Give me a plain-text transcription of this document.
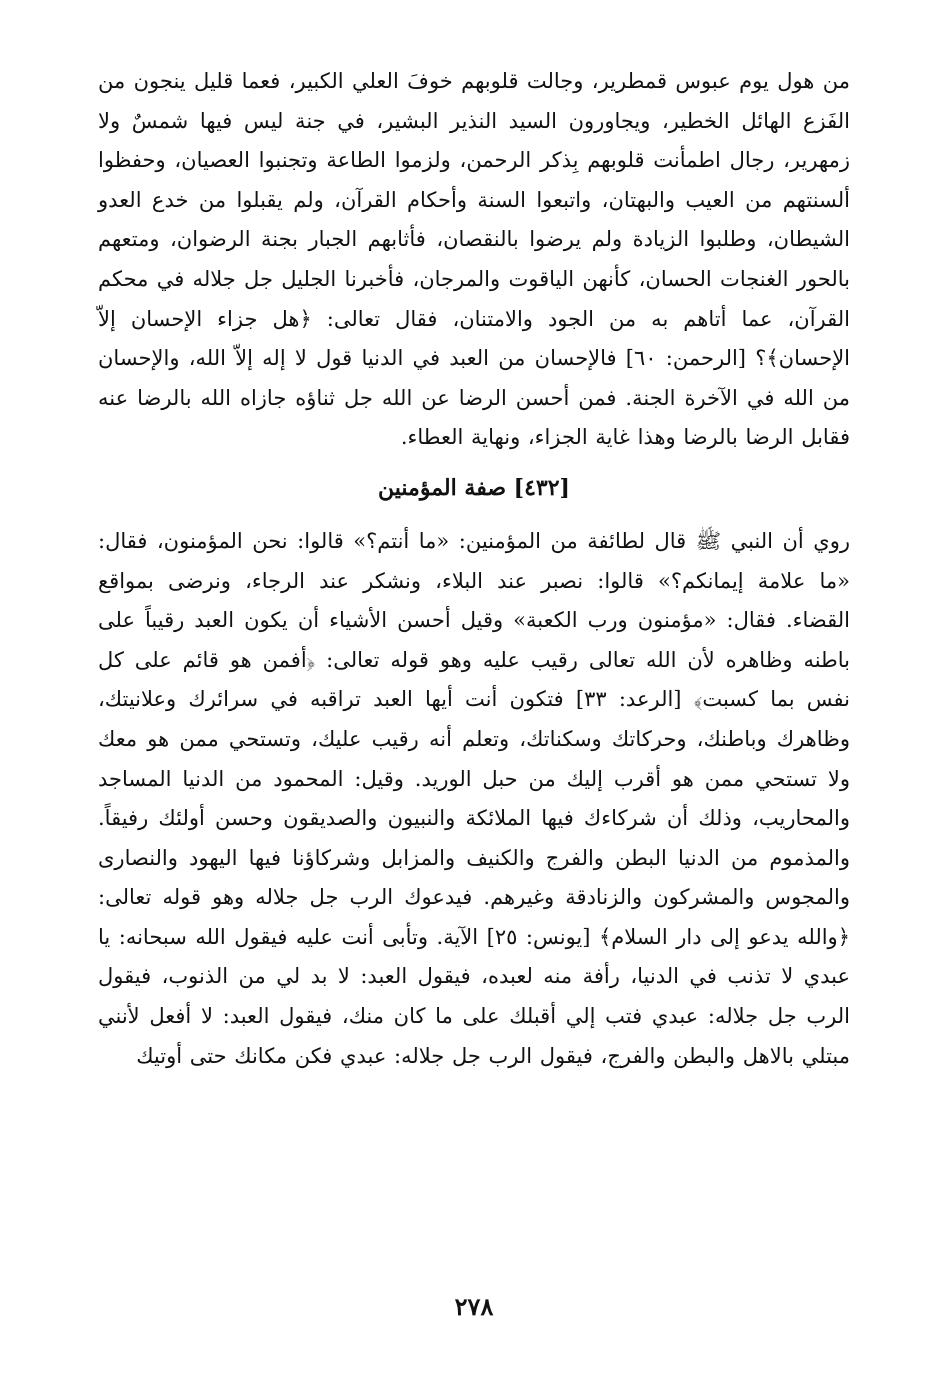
من هول يوم عبوس قمطرير، وجالت قلوبهم خوفَ العلي الكبير، فعما قليل ينجون من الفَزع الهائل الخطير، ويجاورون السيد النذير البشير، في جنة ليس فيها شمسٌ ولا زمهرير، رجال اطمأنت قلوبهم بِذكر الرحمن، ولزموا الطاعة وتجنبوا العصيان، وحفظوا ألسنتهم من العيب والبهتان، واتبعوا السنة وأحكام القرآن، ولم يقبلوا من خدع العدو الشيطان، وطلبوا الزيادة ولم يرضوا بالنقصان، فأثابهم الجبار بجنة الرضوان، ومتعهم بالحور الغنجات الحسان، كأنهن الياقوت والمرجان، فأخبرنا الجليل جل جلاله في محكم القرآن، عما أتاهم به من الجود والامتنان، فقال تعالى: ﴿هل جزاء الإحسان إلاّ الإحسان﴾؟ [الرحمن: ٦٠] فالإحسان من العبد في الدنيا قول لا إله إلاّ الله، والإحسان من الله في الآخرة الجنة. فمن أحسن الرضا عن الله جل ثناؤه جازاه الله بالرضا عنه فقابل الرضا بالرضا وهذا غاية الجزاء، ونهاية العطاء.

[٤٣٢] صفة المؤمنين

روي أن النبي ﷺ قال لطائفة من المؤمنين: «ما أنتم؟» قالوا: نحن المؤمنون، فقال: «ما علامة إيمانكم؟» قالوا: نصبر عند البلاء، ونشكر عند الرجاء، ونرضى بمواقع القضاء. فقال: «مؤمنون ورب الكعبة» وقيل أحسن الأشياء أن يكون العبد رقيباً على باطنه وظاهره لأن الله تعالى رقيب عليه وهو قوله تعالى: ﴿أفمن هو قائم على كل نفس بما كسبت﴾ [الرعد: ٣٣] فتكون أنت أيها العبد تراقبه في سرائرك وعلانيتك، وظاهرك وباطنك، وحركاتك وسكناتك، وتعلم أنه رقيب عليك، وتستحي ممن هو معك ولا تستحي ممن هو أقرب إليك من حبل الوريد. وقيل: المحمود من الدنيا المساجد والمحاريب، وذلك أن شركاءك فيها الملائكة والنبيون والصديقون وحسن أولئك رفيقاً. والمذموم من الدنيا البطن والفرج والكنيف والمزابل وشركاؤنا فيها اليهود والنصارى والمجوس والمشركون والزنادقة وغيرهم. فيدعوك الرب جل جلاله وهو قوله تعالى: ﴿والله يدعو إلى دار السلام﴾ [يونس: ٢٥] الآية. وتأبى أنت عليه فيقول الله سبحانه: يا عبدي لا تذنب في الدنيا، رأفة منه لعبده، فيقول العبد: لا بد لي من الذنوب، فيقول الرب جل جلاله: عبدي فتب إلي أقبلك على ما كان منك، فيقول العبد: لا أفعل لأنني مبتلي بالاهل والبطن والفرج، فيقول الرب جل جلاله: عبدي فكن مكانك حتى أوتيك

٢٧٨
